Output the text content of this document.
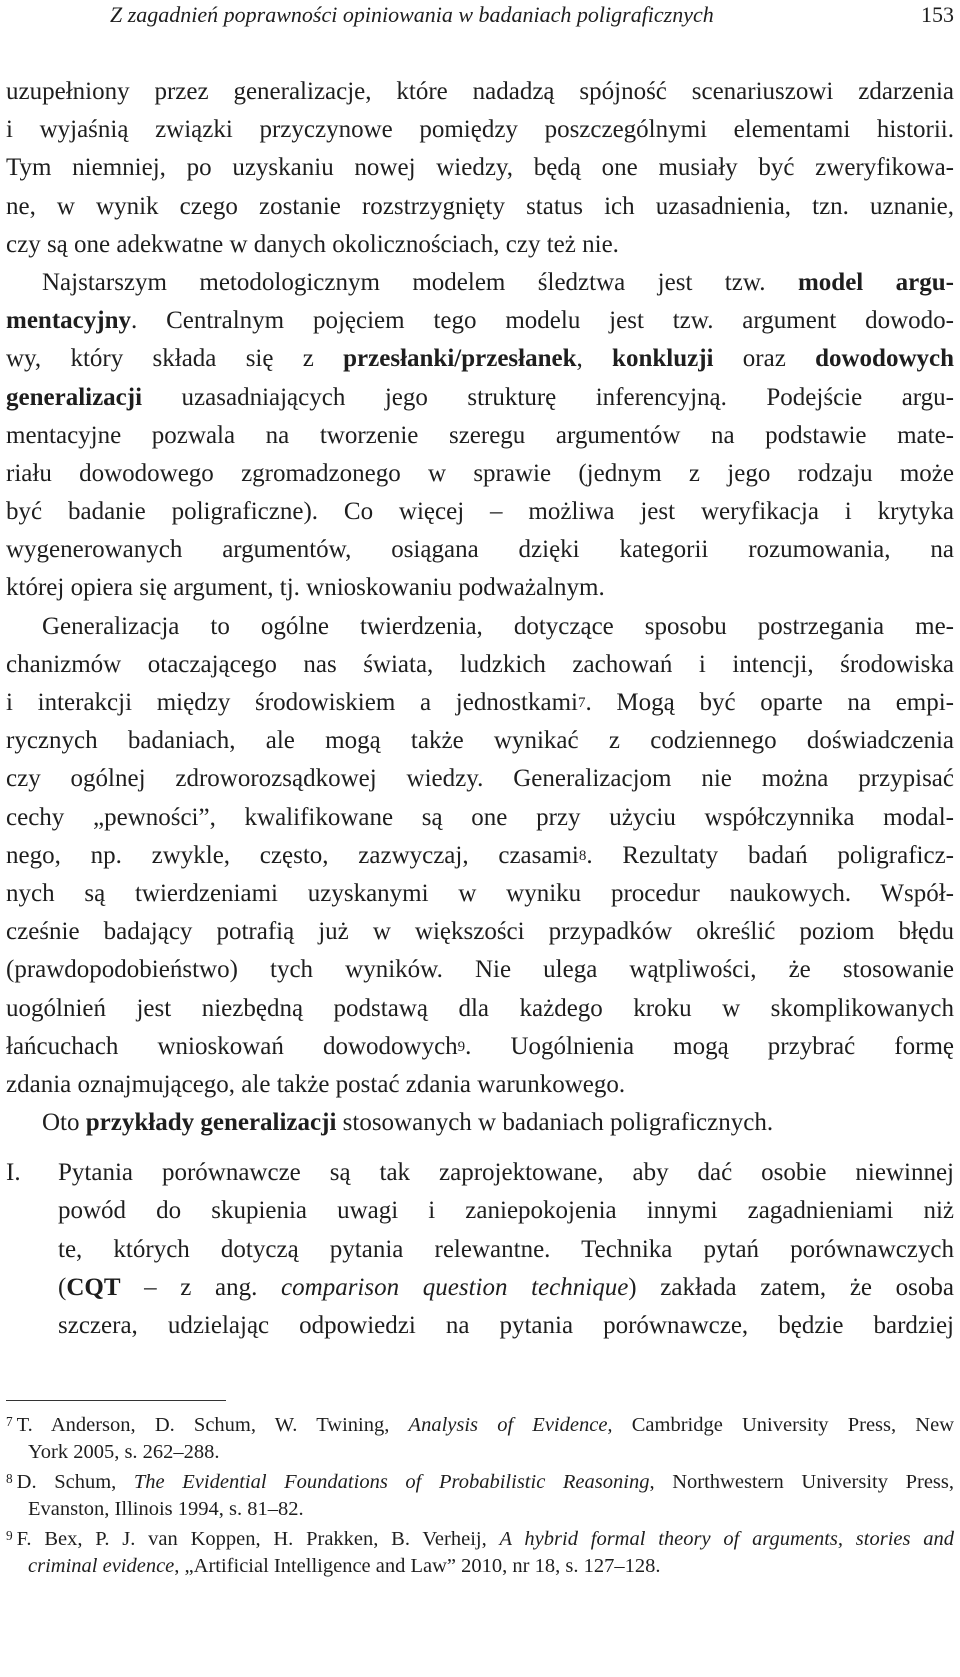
Z zagadnień poprawności opiniowania w badaniach poligraficznych	153
uzupełniony przez generalizacje, które nadadzą spójność scenariuszowi zdarzenia
i wyjaśnią związki przyczynowe pomiędzy poszczególnymi elementami historii.
Tym niemniej, po uzyskaniu nowej wiedzy, będą one musiały być zweryfikowa-
ne, w wynik czego zostanie rozstrzygnięty status ich uzasadnienia, tzn. uznanie,
czy są one adekwatne w danych okolicznościach, czy też nie.
Najstarszym metodologicznym modelem śledztwa jest tzw. model argu-
mentacyjny. Centralnym pojęciem tego modelu jest tzw. argument dowodo-
wy, który składa się z przesłanki/przesłanek, konkluzji oraz dowodowych
generalizacji uzasadniających jego strukturę inferencyjną. Podejście argu-
mentacyjne pozwala na tworzenie szeregu argumentów na podstawie mate-
riału dowodowego zgromadzonego w sprawie (jednym z jego rodzaju może
być badanie poligraficzne). Co więcej – możliwa jest weryfikacja i krytyka
wygenerowanych argumentów, osiągana dzięki kategorii rozumowania, na
której opiera się argument, tj. wnioskowaniu podważalnym.
Generalizacja to ogólne twierdzenia, dotyczące sposobu postrzegania me-
chanizmów otaczającego nas świata, ludzkich zachowań i intencji, środowiska
i interakcji między środowiskiem a jednostkami$^7$. Mogą być oparte na empi-
rycznych badaniach, ale mogą także wynikać z codziennego doświadczenia
czy ogólnej zdroworozsądkowej wiedzy. Generalizacjom nie można przypisać
cechy „pewności”, kwalifikowane są one przy użyciu współczynnika modal-
nego, np. zwykle, często, zazwyczaj, czasami$^8$. Rezultaty badań poligraficz-
nych są twierdzeniami uzyskanymi w wyniku procedur naukowych. Współ-
cześnie badający potrafią już w większości przypadków określić poziom błędu
(prawdopodobieństwo) tych wyników. Nie ulega wątpliwości, że stosowanie
uogólnień jest niezbędną podstawą dla każdego kroku w skomplikowanych
łańcuchach wnioskowań dowodowych$^9$. Uogólnienia mogą przybrać formę
zdania oznajmującego, ale także postać zdania warunkowego.
Oto przykłady generalizacji stosowanych w badaniach poligraficznych.
I. Pytania porównawcze są tak zaprojektowane, aby dać osobie niewinnej
powód do skupienia uwagi i zaniepokojenia innymi zagadnieniami niż
te, których dotyczą pytania relewantne. Technika pytań porównawczych
(CQT – z ang. comparison question technique) zakłada zatem, że osoba
szczera, udzielając odpowiedzi na pytania porównawcze, będzie bardziej
$^7$ T. Anderson, D. Schum, W. Twining, Analysis of Evidence, Cambridge University Press, New
York 2005, s. 262–288.
$^8$ D. Schum, The Evidential Foundations of Probabilistic Reasoning, Northwestern University Press,
Evanston, Illinois 1994, s. 81–82.
$^9$ F. Bex, P. J. van Koppen, H. Prakken, B. Verheij, A hybrid formal theory of arguments, stories and
criminal evidence, „Artificial Intelligence and Law” 2010, nr 18, s. 127–128.
